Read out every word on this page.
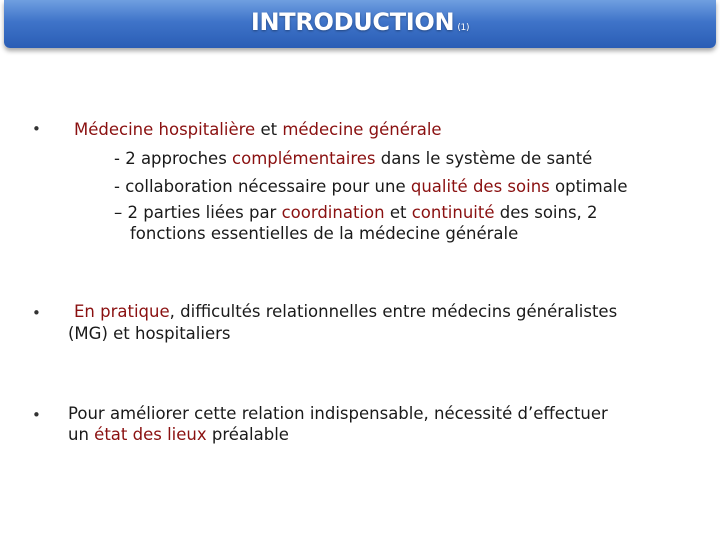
INTRODUCTION (1)
• Médecine hospitalière et médecine générale
- 2 approches complémentaires dans le système de santé
- collaboration nécessaire pour une qualité des soins optimale
– 2 parties liées par coordination et continuité des soins, 2
fonctions essentielles de la médecine générale
• En pratique, difficultés relationnelles entre médecins généralistes
(MG) et hospitaliers
• Pour améliorer cette relation indispensable, nécessité d’effectuer
un état des lieux préalable
